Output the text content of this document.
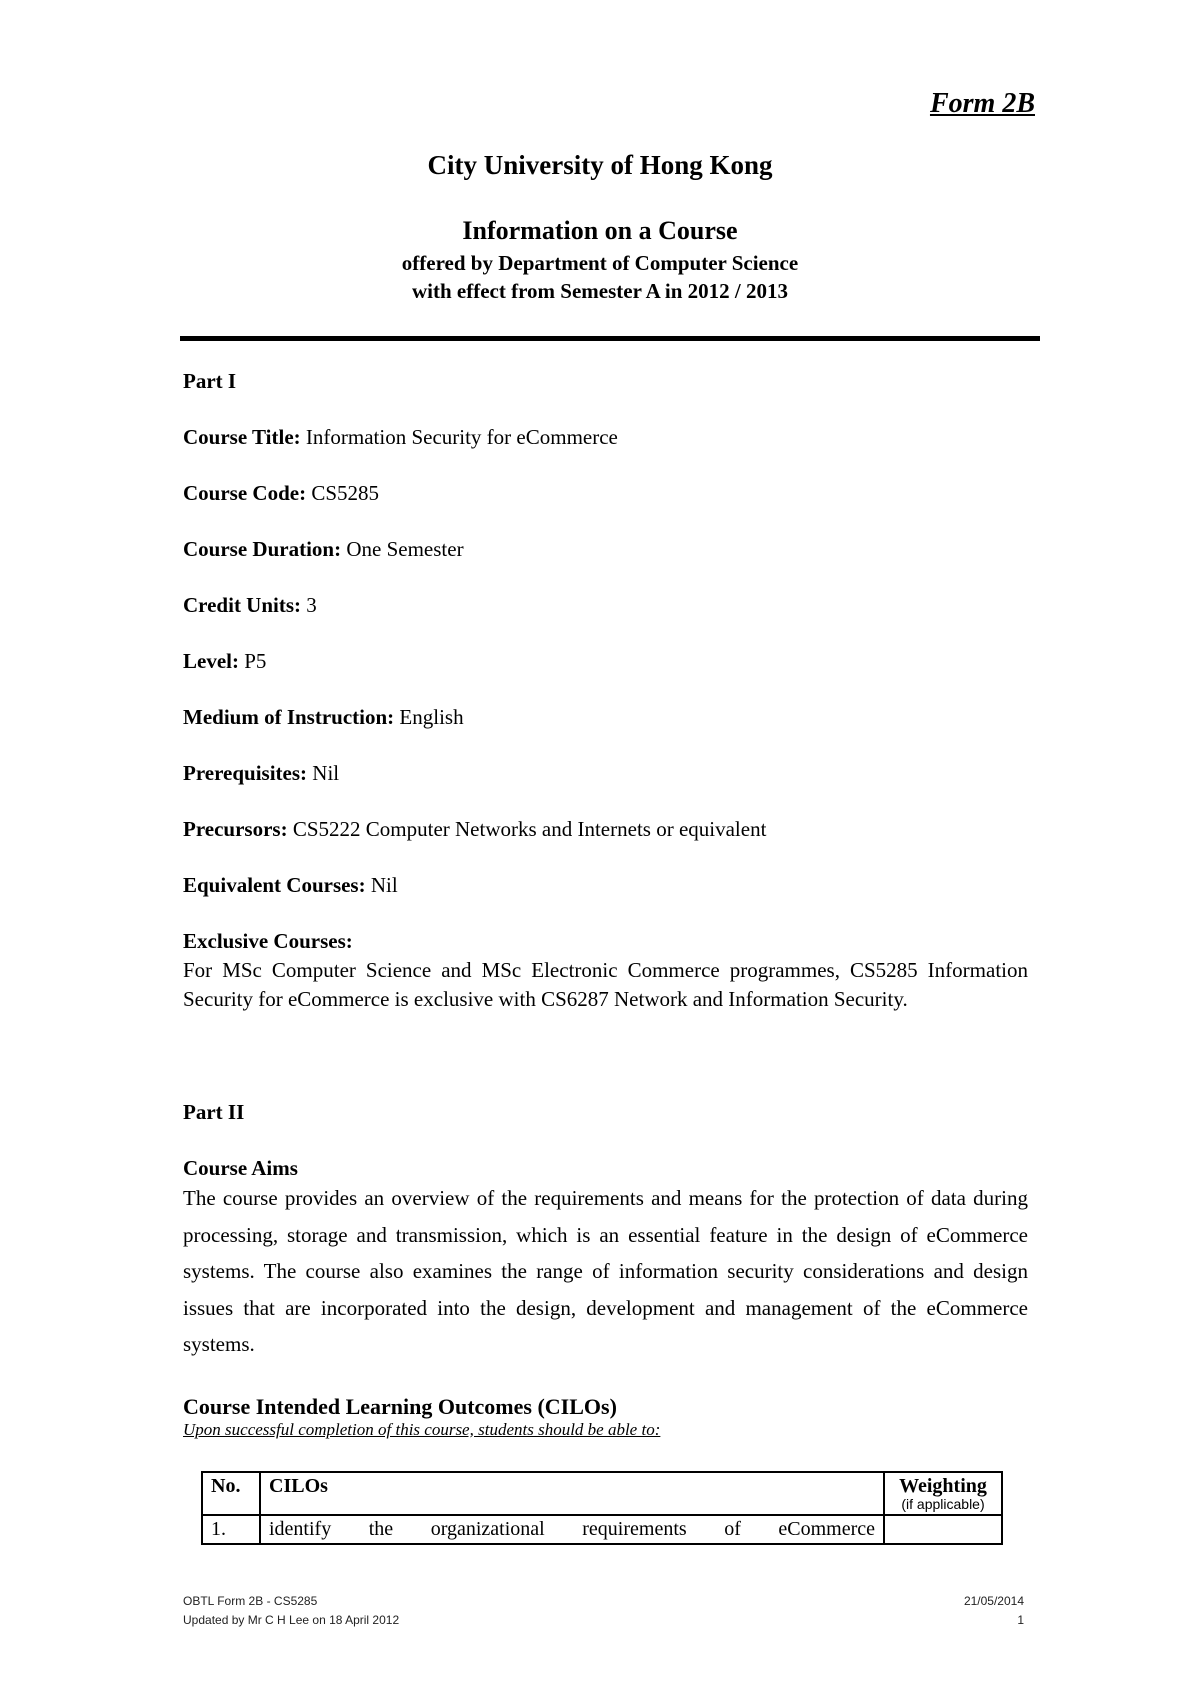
Form 2B
City University of Hong Kong
Information on a Course
offered by Department of Computer Science
with effect from Semester A in 2012 / 2013
Part I
Course Title: Information Security for eCommerce
Course Code: CS5285
Course Duration: One Semester
Credit Units: 3
Level: P5
Medium of Instruction: English
Prerequisites: Nil
Precursors: CS5222 Computer Networks and Internets or equivalent
Equivalent Courses: Nil
Exclusive Courses:
For MSc Computer Science and MSc Electronic Commerce programmes, CS5285 Information Security for eCommerce is exclusive with CS6287 Network and Information Security.
Part II
Course Aims
The course provides an overview of the requirements and means for the protection of data during processing, storage and transmission, which is an essential feature in the design of eCommerce systems. The course also examines the range of information security considerations and design issues that are incorporated into the design, development and management of the eCommerce systems.
Course Intended Learning Outcomes (CILOs)
Upon successful completion of this course, students should be able to:
No.	CILOs	Weighting
(if applicable)

1.	identify the organizational requirements of eCommerce	
OBTL Form 2B - CS5285
Updated by Mr C H Lee on 18 April 2012
21/05/2014
1
